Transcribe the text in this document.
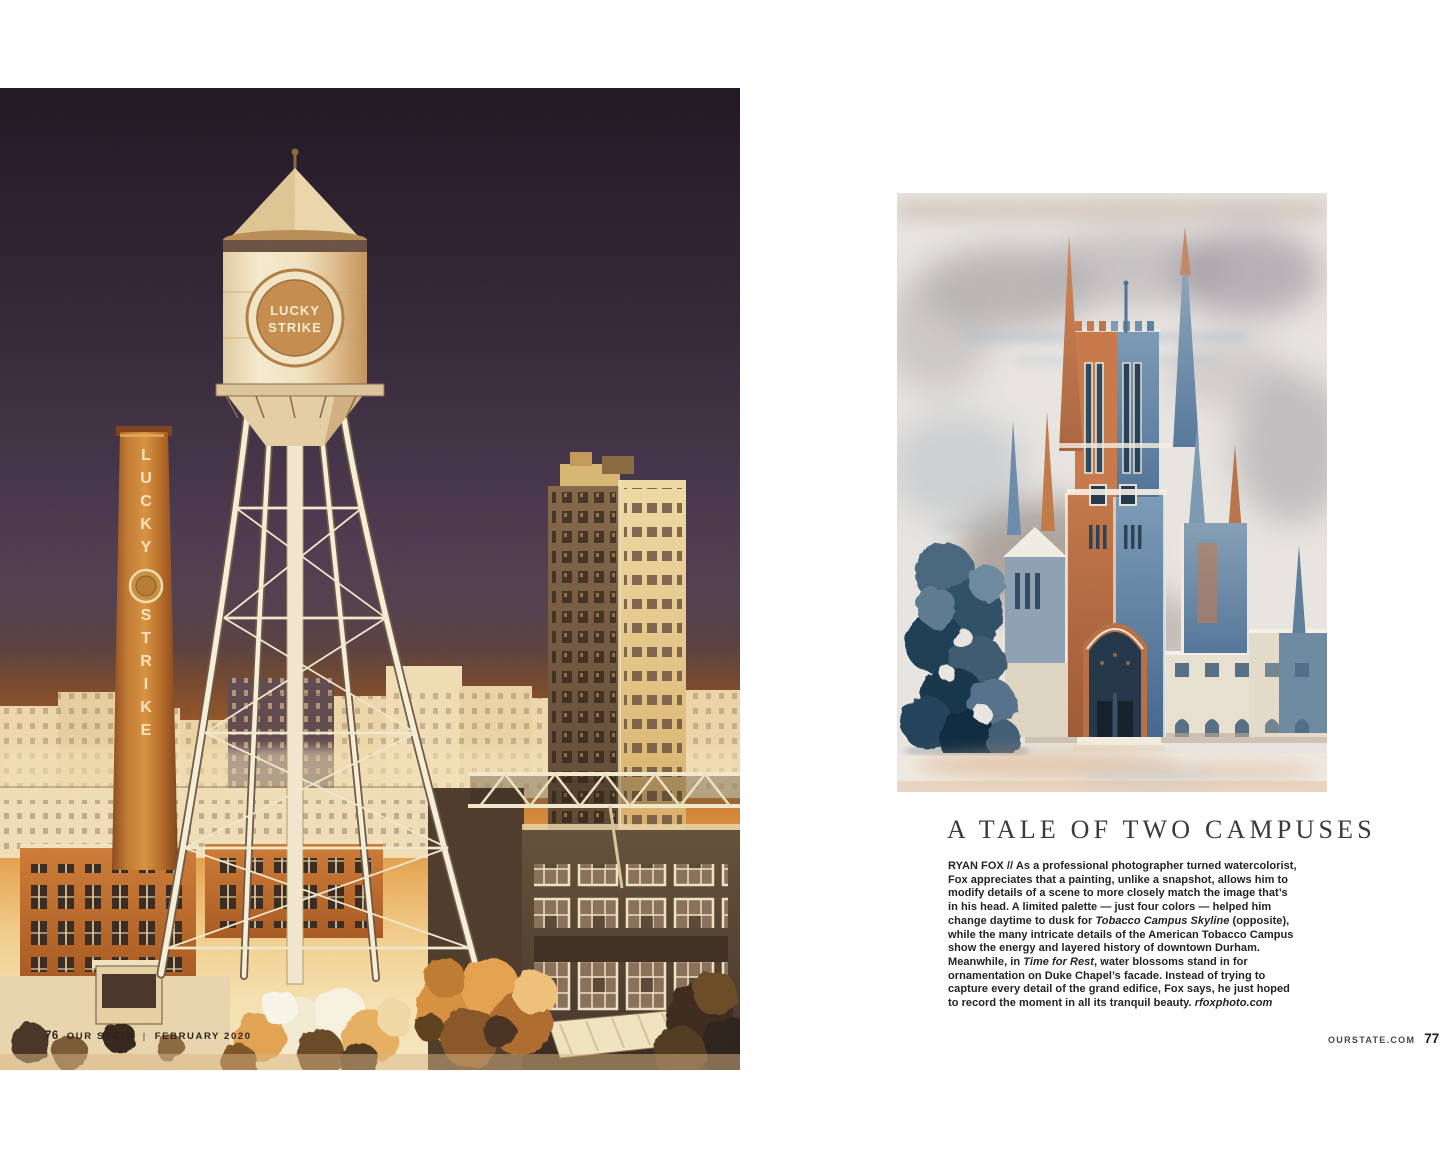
76 OUR STATE | FEBRUARY 2020
A TALE OF TWO CAMPUSES

RYAN FOX // As a professional photographer turned watercolorist, Fox appreciates that a painting, unlike a snapshot, allows him to modify details of a scene to more closely match the image that’s in his head. A limited palette — just four colors — helped him change daytime to dusk for Tobacco Campus Skyline (opposite), while the many intricate details of the American Tobacco Campus show the energy and layered history of downtown Durham. Meanwhile, in Time for Rest, water blossoms stand in for ornamentation on Duke Chapel’s facade. Instead of trying to capture every detail of the grand edifice, Fox says, he just hoped to record the moment in all its tranquil beauty. rfoxphoto.com

OURSTATE.COM 77
